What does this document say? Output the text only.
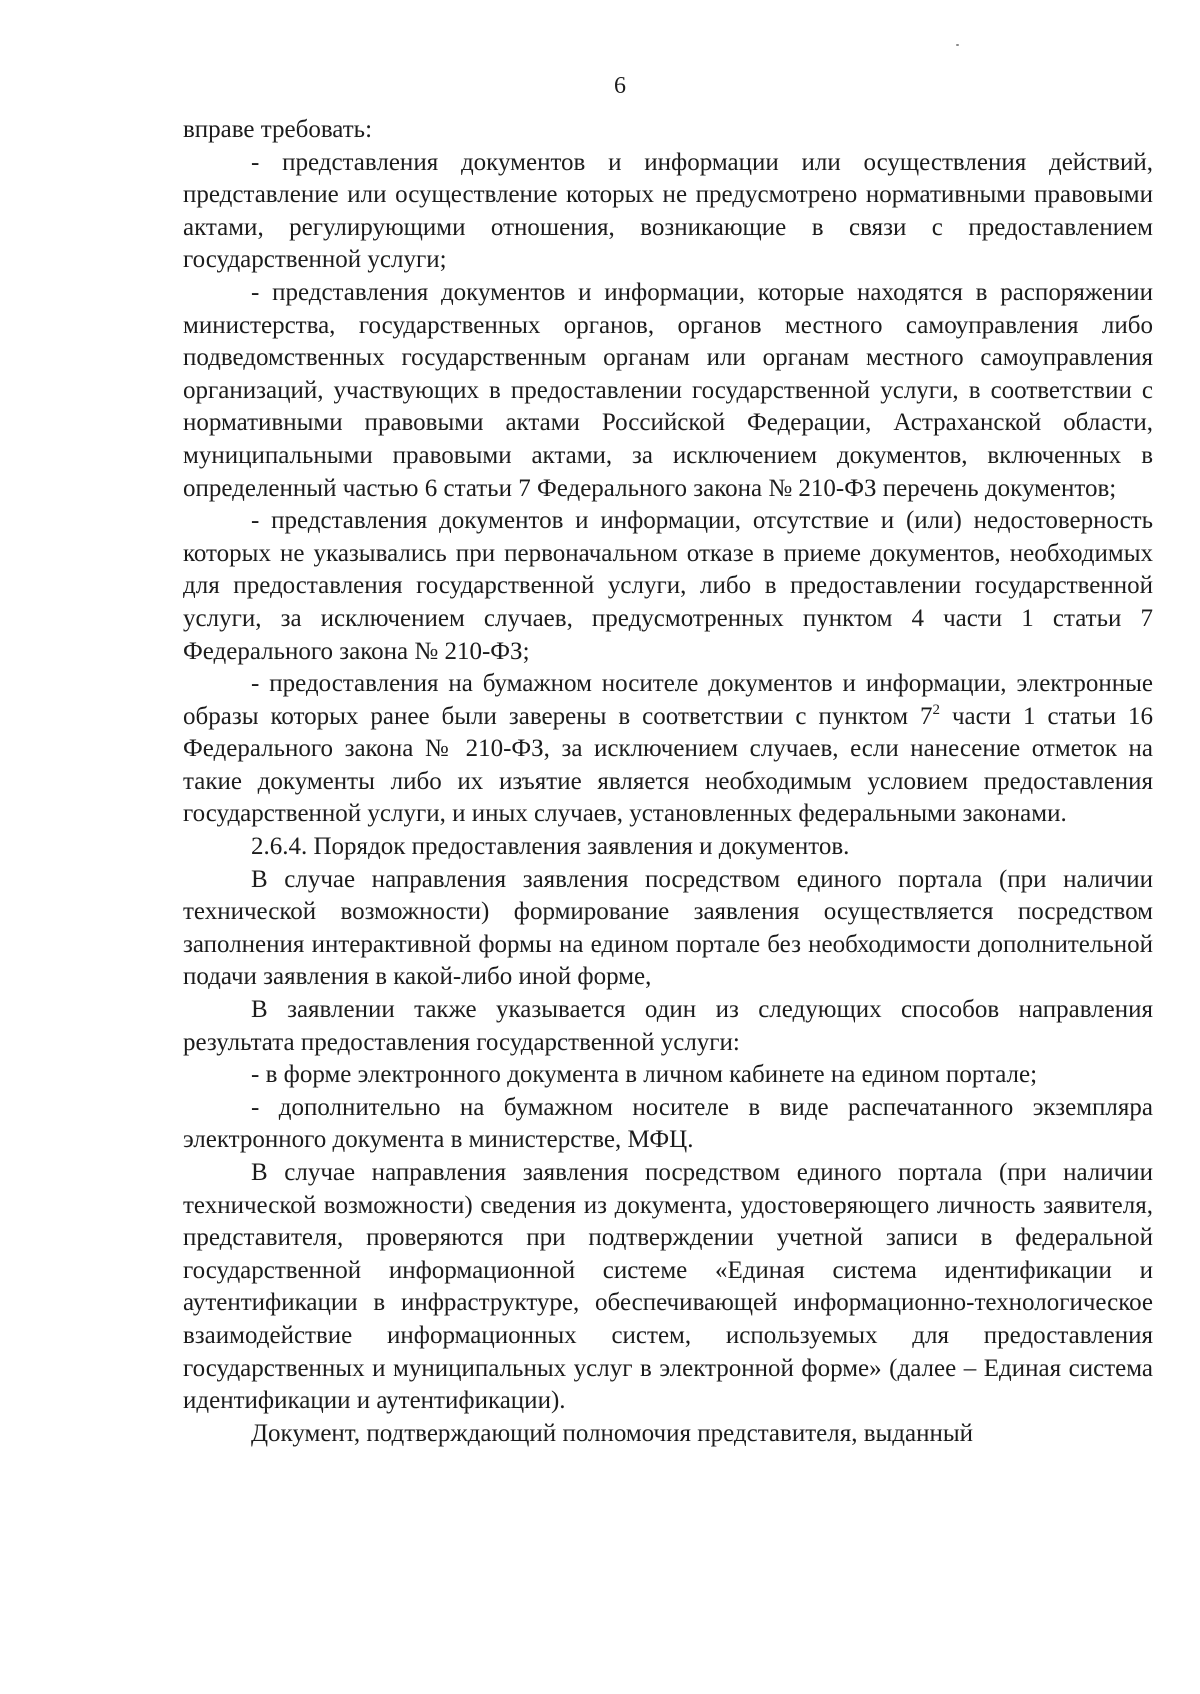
6

вправе требовать:

- представления документов и информации или осуществления действий, представление или осуществление которых не предусмотрено нормативными правовыми актами, регулирующими отношения, возникающие в связи с предоставлением государственной услуги;

- представления документов и информации, которые находятся в распоряжении министерства, государственных органов, органов местного самоуправления либо подведомственных государственным органам или органам местного самоуправления организаций, участвующих в предоставлении государственной услуги, в соответствии с нормативными правовыми актами Российской Федерации, Астраханской области, муниципальными правовыми актами, за исключением документов, включенных в определенный частью 6 статьи 7 Федерального закона № 210-ФЗ перечень документов;

- представления документов и информации, отсутствие и (или) недостоверность которых не указывались при первоначальном отказе в приеме документов, необходимых для предоставления государственной услуги, либо в предоставлении государственной услуги, за исключением случаев, предусмотренных пунктом 4 части 1 статьи 7 Федерального закона № 210-ФЗ;

- предоставления на бумажном носителе документов и информации, электронные образы которых ранее были заверены в соответствии с пунктом $7^2$ части 1 статьи 16 Федерального закона № 210-ФЗ, за исключением случаев, если нанесение отметок на такие документы либо их изъятие является необходимым условием предоставления государственной услуги, и иных случаев, установленных федеральными законами.

2.6.4. Порядок предоставления заявления и документов.

В случае направления заявления посредством единого портала (при наличии технической возможности) формирование заявления осуществляется посредством заполнения интерактивной формы на едином портале без необходимости дополнительной подачи заявления в какой-либо иной форме,

В заявлении также указывается один из следующих способов направления результата предоставления государственной услуги:

- в форме электронного документа в личном кабинете на едином портале;

- дополнительно на бумажном носителе в виде распечатанного экземпляра электронного документа в министерстве, МФЦ.

В случае направления заявления посредством единого портала (при наличии технической возможности) сведения из документа, удостоверяющего личность заявителя, представителя, проверяются при подтверждении учетной записи в федеральной государственной информационной системе «Единая система идентификации и аутентификации в инфраструктуре, обеспечивающей информационно-технологическое взаимодействие информационных систем, используемых для предоставления государственных и муниципальных услуг в электронной форме» (далее – Единая система идентификации и аутентификации).

Документ, подтверждающий полномочия представителя, выданный
